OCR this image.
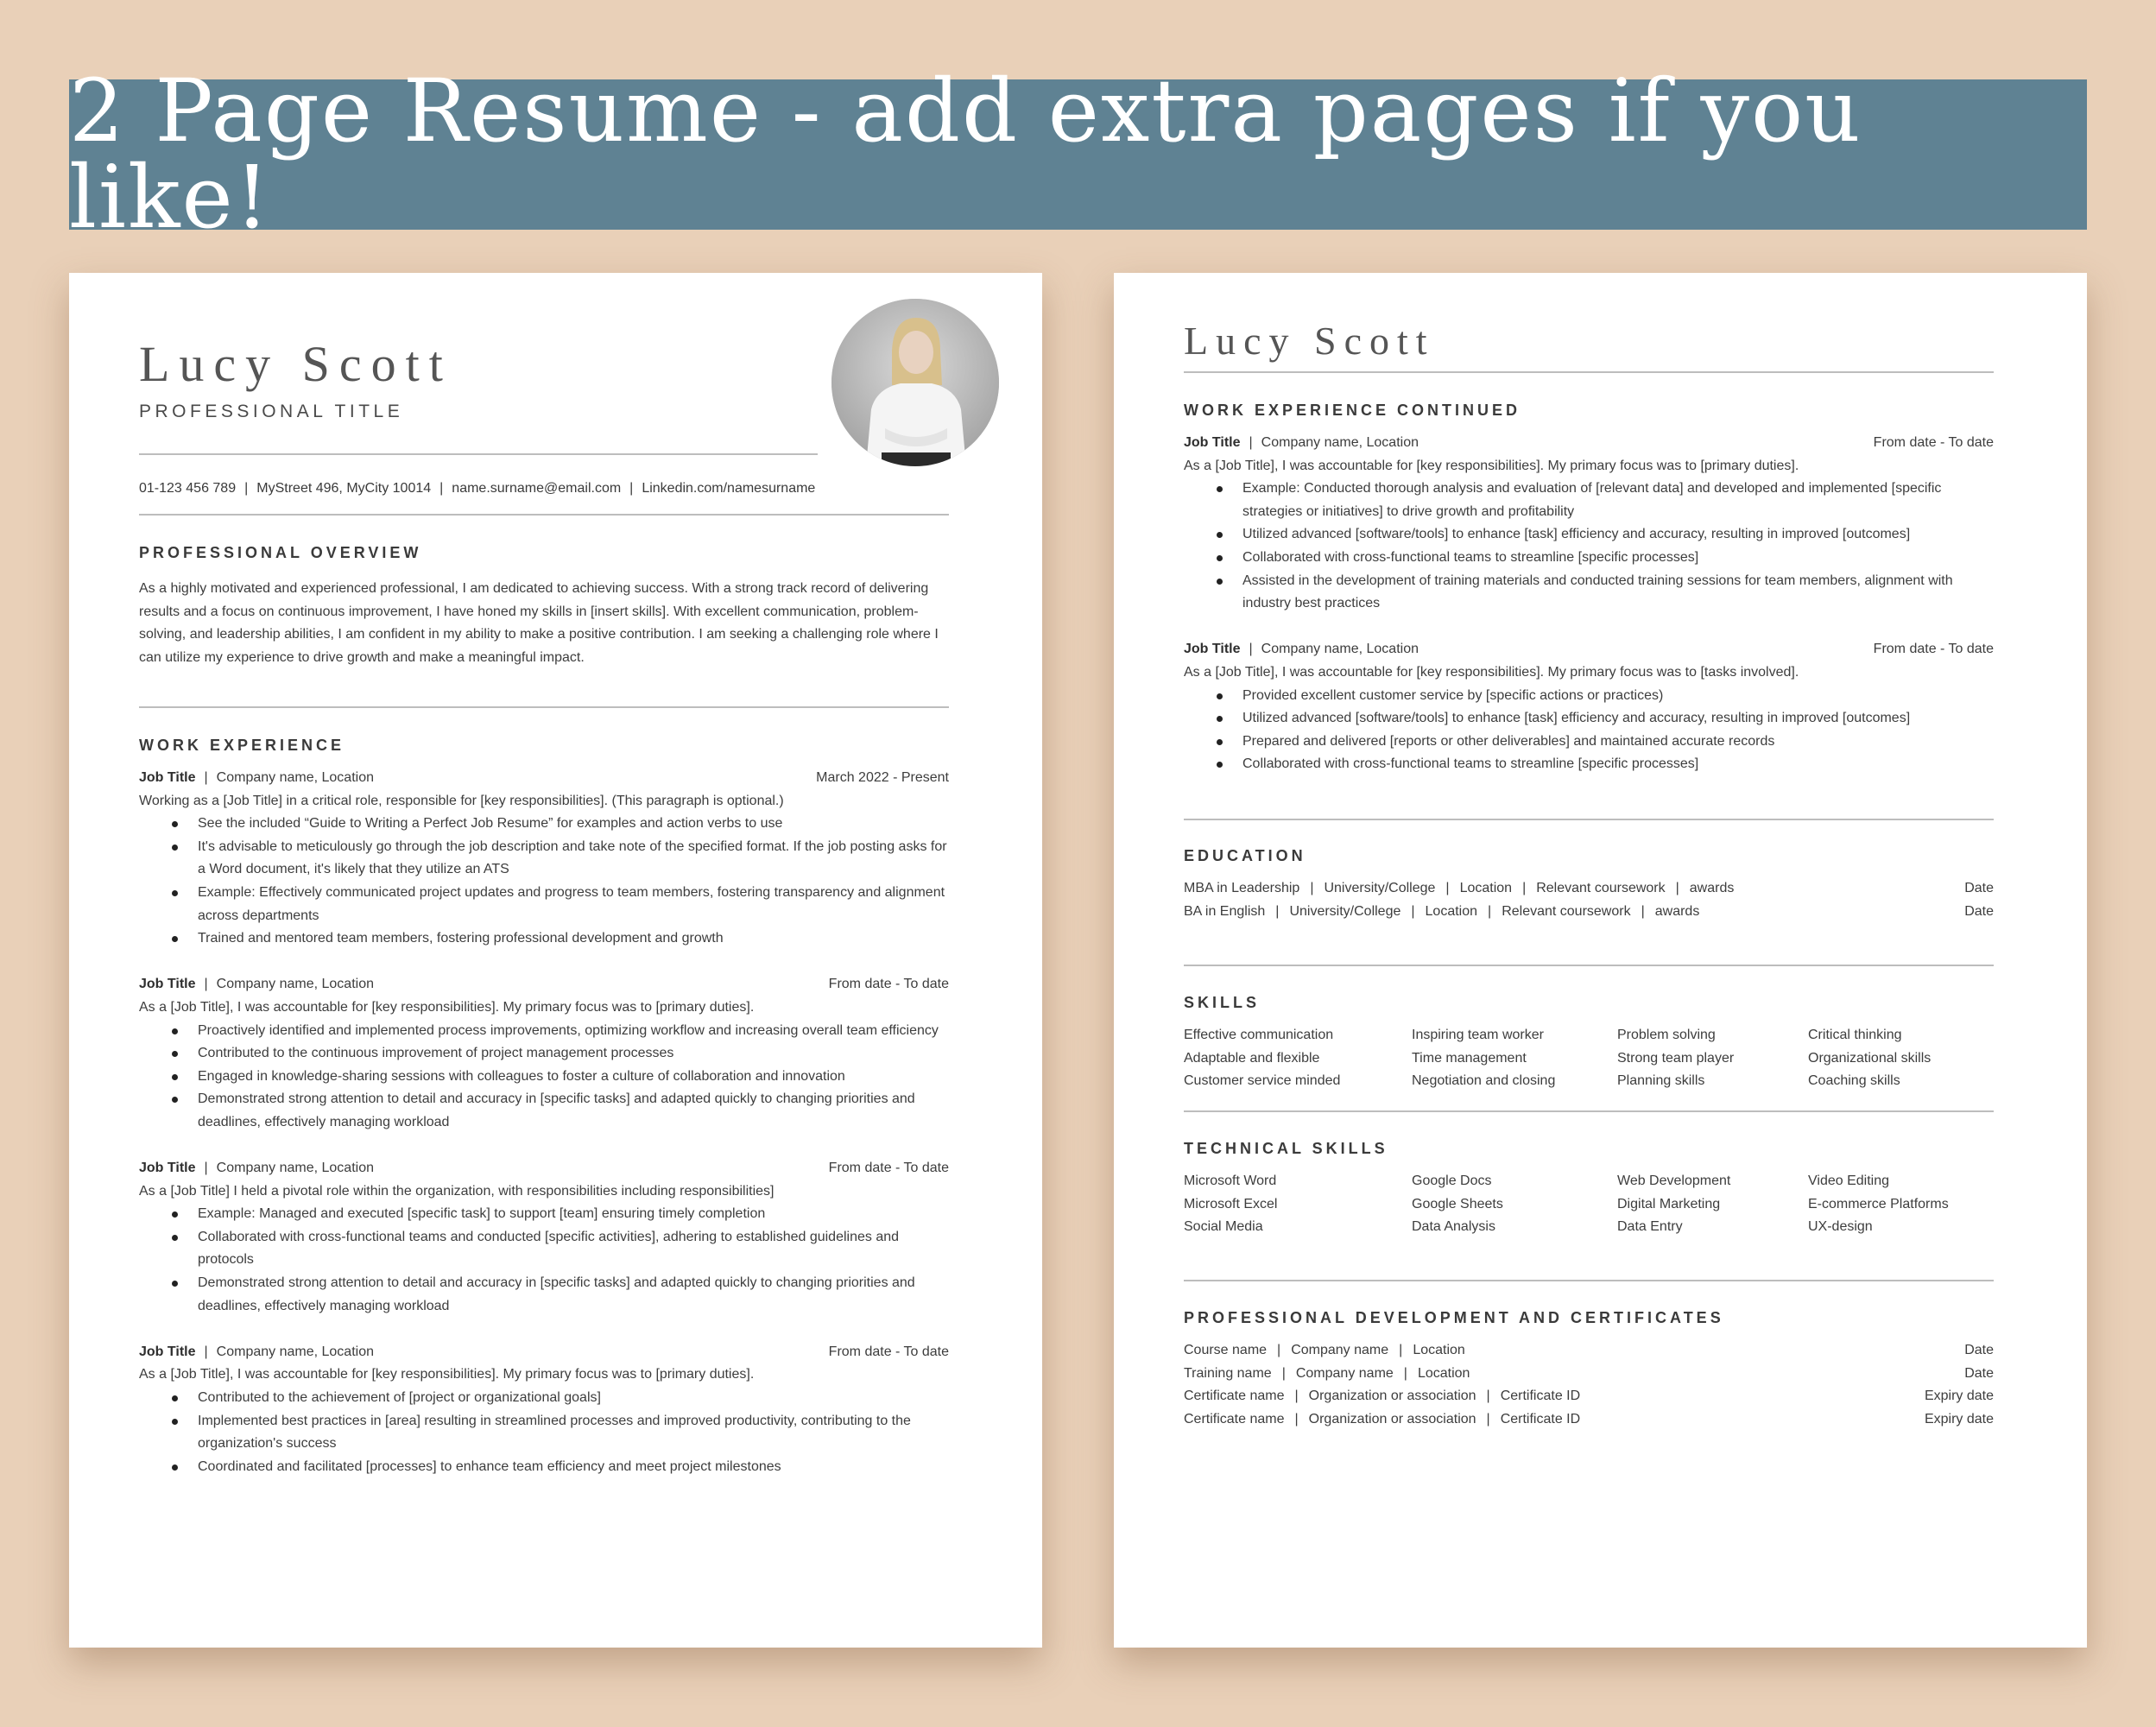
2 Page Resume - add extra pages if you like!
Lucy Scott
PROFESSIONAL TITLE
01-123 456 789 | MyStreet 496, MyCity 10014 | name.surname@email.com | Linkedin.com/namesurname
PROFESSIONAL OVERVIEW
As a highly motivated and experienced professional, I am dedicated to achieving success. With a strong track record of delivering results and a focus on continuous improvement, I have honed my skills in [insert skills]. With excellent communication, problem-solving, and leadership abilities, I am confident in my ability to make a positive contribution. I am seeking a challenging role where I can utilize my experience to drive growth and make a meaningful impact.
WORK EXPERIENCE
Job Title | Company name, Location	March 2022 - Present
Working as a [Job Title] in a critical role, responsible for [key responsibilities]. (This paragraph is optional.)
See the included “Guide to Writing a Perfect Job Resume” for examples and action verbs to use
It's advisable to meticulously go through the job description and take note of the specified format. If the job posting asks for a Word document, it's likely that they utilize an ATS
Example: Effectively communicated project updates and progress to team members, fostering transparency and alignment across departments
Trained and mentored team members, fostering professional development and growth
Job Title | Company name, Location	From date - To date
As a [Job Title], I was accountable for [key responsibilities]. My primary focus was to [primary duties].
Proactively identified and implemented process improvements, optimizing workflow and increasing overall team efficiency
Contributed to the continuous improvement of project management processes
Engaged in knowledge-sharing sessions with colleagues to foster a culture of collaboration and innovation
Demonstrated strong attention to detail and accuracy in [specific tasks] and adapted quickly to changing priorities and deadlines, effectively managing workload
Job Title | Company name, Location	From date - To date
As a [Job Title] I held a pivotal role within the organization, with responsibilities including responsibilities]
Example: Managed and executed [specific task] to support [team] ensuring timely completion
Collaborated with cross-functional teams and conducted [specific activities], adhering to established guidelines and protocols
Demonstrated strong attention to detail and accuracy in [specific tasks] and adapted quickly to changing priorities and deadlines, effectively managing workload
Job Title | Company name, Location	From date - To date
As a [Job Title], I was accountable for [key responsibilities]. My primary focus was to [primary duties].
Contributed to the achievement of [project or organizational goals]
Implemented best practices in [area] resulting in streamlined processes and improved productivity, contributing to the organization's success
Coordinated and facilitated [processes] to enhance team efficiency and meet project milestones
Lucy Scott
WORK EXPERIENCE CONTINUED
Job Title | Company name, Location	From date - To date
As a [Job Title], I was accountable for [key responsibilities]. My primary focus was to [primary duties].
Example: Conducted thorough analysis and evaluation of [relevant data] and developed and implemented [specific strategies or initiatives] to drive growth and profitability
Utilized advanced [software/tools] to enhance [task] efficiency and accuracy, resulting in improved [outcomes]
Collaborated with cross-functional teams to streamline [specific processes]
Assisted in the development of training materials and conducted training sessions for team members, alignment with industry best practices
Job Title | Company name, Location	From date - To date
As a [Job Title], I was accountable for [key responsibilities]. My primary focus was to [tasks involved].
Provided excellent customer service by [specific actions or practices)
Utilized advanced [software/tools] to enhance [task] efficiency and accuracy, resulting in improved [outcomes]
Prepared and delivered [reports or other deliverables] and maintained accurate records
Collaborated with cross-functional teams to streamline [specific processes]
EDUCATION
MBA in Leadership | University/College | Location | Relevant coursework | awards	Date
BA in English | University/College | Location | Relevant coursework | awards	Date
SKILLS
Effective communication	Inspiring team worker	Problem solving	Critical thinking
Adaptable and flexible	Time management	Strong team player	Organizational skills
Customer service minded	Negotiation and closing	Planning skills	Coaching skills
TECHNICAL SKILLS
Microsoft Word	Google Docs	Web Development	Video Editing
Microsoft Excel	Google Sheets	Digital Marketing	E-commerce Platforms
Social Media	Data Analysis	Data Entry	UX-design
PROFESSIONAL DEVELOPMENT AND CERTIFICATES
Course name | Company name | Location	Date
Training name | Company name | Location	Date
Certificate name | Organization or association | Certificate ID	Expiry date
Certificate name | Organization or association | Certificate ID	Expiry date
